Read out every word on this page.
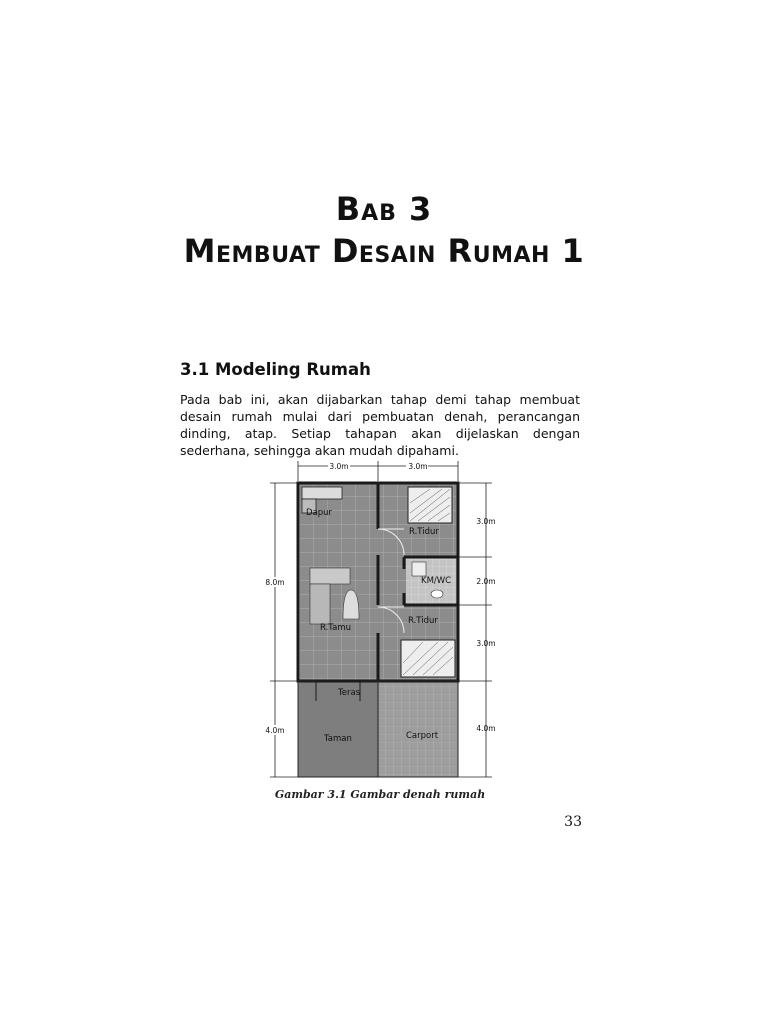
Bab 3
Membuat Desain Rumah 1
3.1 Modeling Rumah

Pada bab ini, akan dijabarkan tahap demi tahap membuat desain rumah mulai dari pembuatan denah, perancangan dinding, atap. Setiap tahapan akan dijelaskan dengan sederhana, sehingga akan mudah dipahami.

3.0m	3.0m
8.0m
4.0m
3.0m
2.0m
3.0m
4.0m
Dapur
R.Tidur
KM/WC
R.Tamu
R.Tidur
Teras
Taman	Carport

Gambar 3.1 Gambar denah rumah

33
